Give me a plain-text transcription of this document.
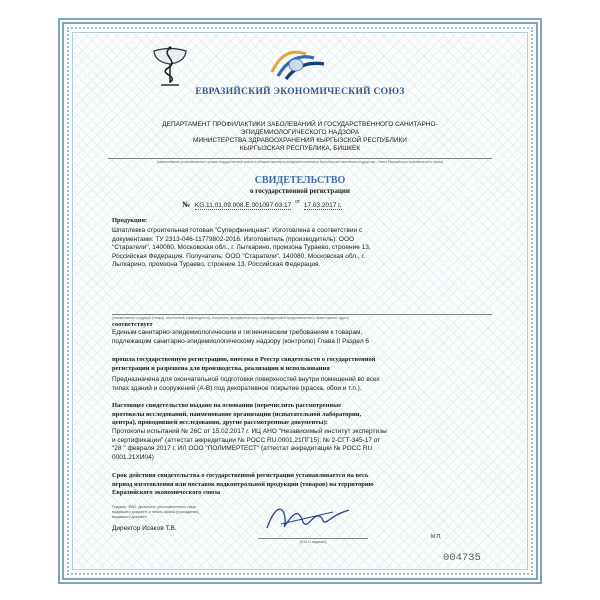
ЕВРАЗИЙСКИЙ ЭКОНОМИЧЕСКИЙ СОЮЗ
ДЕПАРТАМЕНТ ПРОФИЛАКТИКИ ЗАБОЛЕВАНИЙ И ГОСУДАРСТВЕННОГО САНИТАРНО-
ЭПИДЕМИОЛОГИЧЕСКОГО НАДЗОРА
МИНИСТЕРСТВА ЗДРАВООХРАНЕНИЯ КЫРГЫЗСКОЙ РЕСПУБЛИКИ
КЫРГЫЗСКАЯ РЕСПУБЛИКА, БИШКЕК
(наименование уполномоченного органа государственной власти в области санитарно-эпидемиологического благополучия населения государства - члена Евразийского экономического союза)
СВИДЕТЕЛЬСТВО
о государственной регистрации
№ KG.11.01.09.008.E.001097.03.17 $^{от}$ 17.03.2017 г.
Продукция:
Шпатлевка строительная готовая "Суперфиницная". Изготовлена в соответствии с
документами: ТУ 2313-046-11779802-2016. Изготовитель (производитель): ООО
"Старатели", 140080, Московская обл., г. Лыткарино, промзона Тураево, строение 13,
Российская Федерация. Получатель: ООО "Старатели", 140080, Московская обл., г.
Лыткарино, промзона Тураево, строение 13, Российская Федерация.
(наименование продукции (товара), изготовитель (производитель), получатель (юридическое лицо, индивидуальный предприниматель): наименование, адрес)
соответствует
Единым санитарно-эпидемиологическим и гигиеническим требованиям к товарам,
подлежащим санитарно-эпидемиологическому надзору (контролю) Глава II Раздел 6
прошла государственную регистрацию, внесена в Реестр свидетельств о государственной
регистрации и разрешена для производства, реализации и использования
Предназначена для окончательной подготовки поверхностей внутри помещений во всех
типах зданий и сооружений (А-В) под декоративное покрытие (краска, обои и т.п.).
Настоящее свидетельство выдано на основании (перечислить рассмотренные
протоколы исследований, наименование организации (испытательной лаборатории,
центра), проводившей исследования, другие рассмотренные документы):
Протоколы испытаний № 26С от 15.02.2017 г. ИЦ АНО "Независимый институт экспертизы
и сертификации" (аттестат аккредитации № РОСС RU.0001.21ПГ15); № 2-СГТ-345-17 от
"28 " февраля 2017 г. ИЛ ООО "ПОЛИМЕРТЕСТ" (аттестат аккредитации № РОСС RU
0001.21ХИ04)
Срок действия свидетельства о государственной регистрации устанавливается на весь
период изготовления или поставок подконтрольной продукции (товаров) на территорию
Евразийского экономического союза
Подпись, ФИО, должность уполномоченного лица,
выдавшего документ, и печать органа (учреждения),
выдавшего документ
Директор Исаков Т.В.
(Ф.И.О.подпись)
М.П.
004735
